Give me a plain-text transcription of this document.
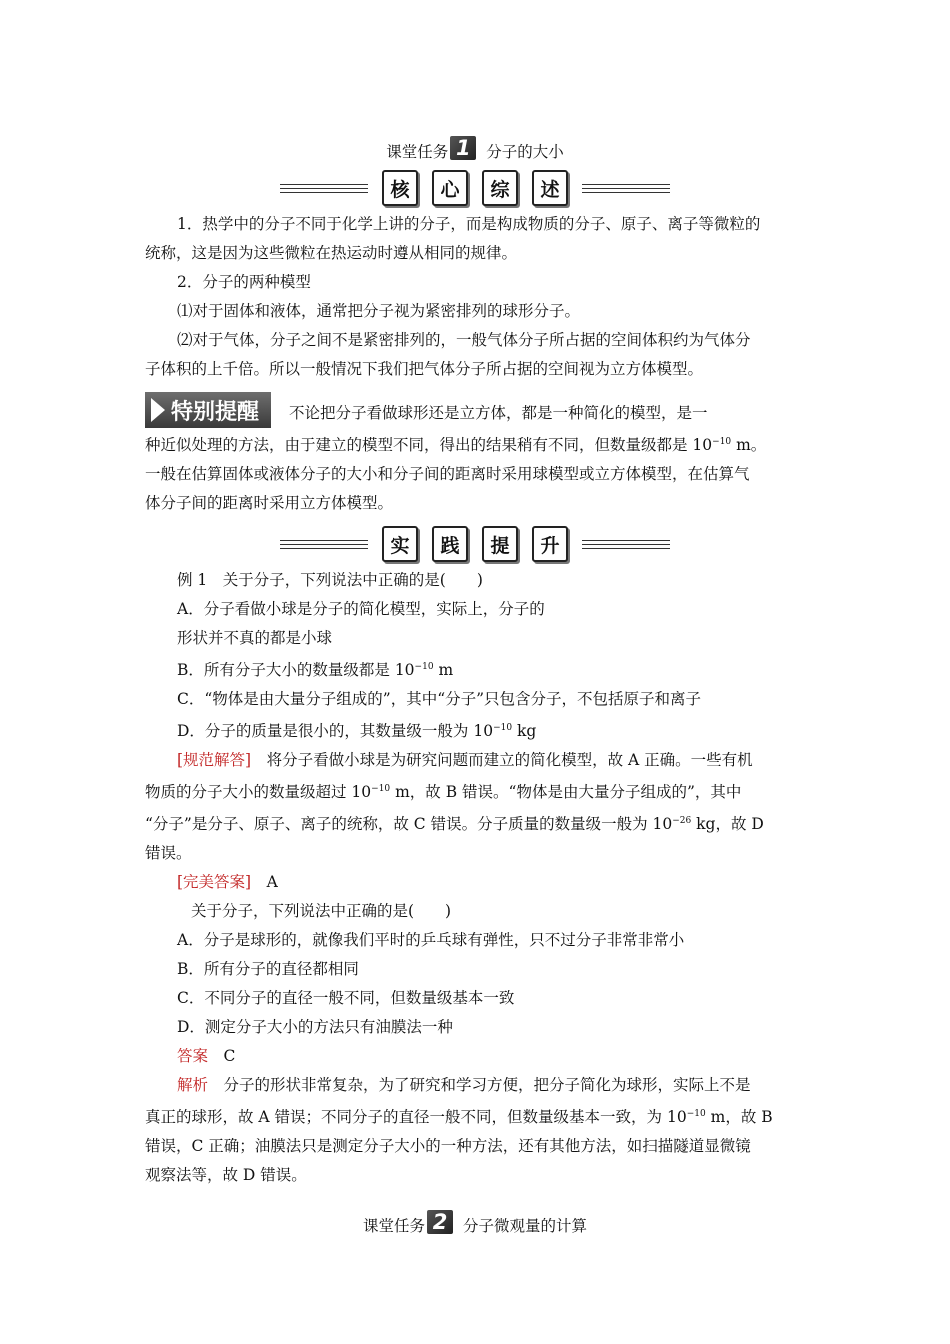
课堂任务 1	分子的大小
核	心	综	述
1．热学中的分子不同于化学上讲的分子，而是构成物质的分子、原子、离子等微粒的
统称，这是因为这些微粒在热运动时遵从相同的规律。
2．分子的两种模型
⑴对于固体和液体，通常把分子视为紧密排列的球形分子。
⑵对于气体，分子之间不是紧密排列的，一般气体分子所占据的空间体积约为气体分
子体积的上千倍。所以一般情况下我们把气体分子所占据的空间视为立方体模型。
特别提醒 不论把分子看做球形还是立方体，都是一种简化的模型，是一
种近似处理的方法，由于建立的模型不同，得出的结果稍有不同，但数量级都是 $10^{-10}$ m。
一般在估算固体或液体分子的大小和分子间的距离时采用球模型或立方体模型，在估算气
体分子间的距离时采用立方体模型。
实	践	提	升
例 1　关于分子，下列说法中正确的是(　　)
A．分子看做小球是分子的简化模型，实际上，分子的
形状并不真的都是小球
B．所有分子大小的数量级都是 $10^{-10}$ m
C．“物体是由大量分子组成的”，其中“分子”只包含分子，不包括原子和离子
D．分子的质量是很小的，其数量级一般为 $10^{-10}$ kg
[规范解答]　将分子看做小球是为研究问题而建立的简化模型，故 A 正确。一些有机
物质的分子大小的数量级超过 $10^{-10}$ m，故 B 错误。“物体是由大量分子组成的”，其中
“分子”是分子、原子、离子的统称，故 C 错误。分子质量的数量级一般为 $10^{-26}$ kg，故 D
错误。
[完美答案]　A
关于分子，下列说法中正确的是(　　)
A．分子是球形的，就像我们平时的乒乓球有弹性，只不过分子非常非常小
B．所有分子的直径都相同
C．不同分子的直径一般不同，但数量级基本一致
D．测定分子大小的方法只有油膜法一种
答案　C
解析　分子的形状非常复杂，为了研究和学习方便，把分子简化为球形，实际上不是
真正的球形，故 A 错误；不同分子的直径一般不同，但数量级基本一致，为 $10^{-10}$ m，故 B
错误，C 正确；油膜法只是测定分子大小的一种方法，还有其他方法，如扫描隧道显微镜
观察法等，故 D 错误。
课堂任务 2	分子微观量的计算
